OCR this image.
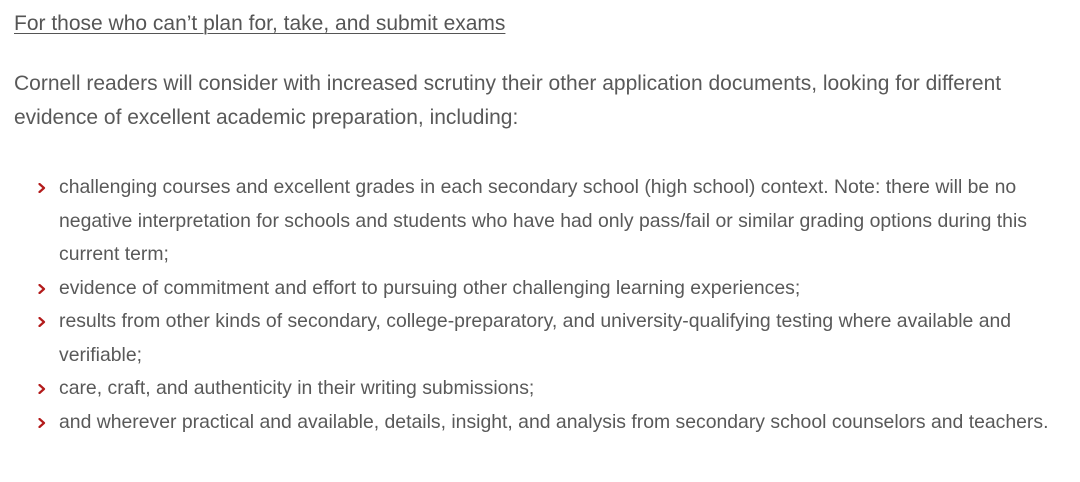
For those who can’t plan for, take, and submit exams

Cornell readers will consider with increased scrutiny their other application documents, looking for different evidence of excellent academic preparation, including:

challenging courses and excellent grades in each secondary school (high school) context. Note: there will be no negative interpretation for schools and students who have had only pass/fail or similar grading options during this current term;
evidence of commitment and effort to pursuing other challenging learning experiences;
results from other kinds of secondary, college-preparatory, and university-qualifying testing where available and verifiable;
care, craft, and authenticity in their writing submissions;
and wherever practical and available, details, insight, and analysis from secondary school counselors and teachers.
